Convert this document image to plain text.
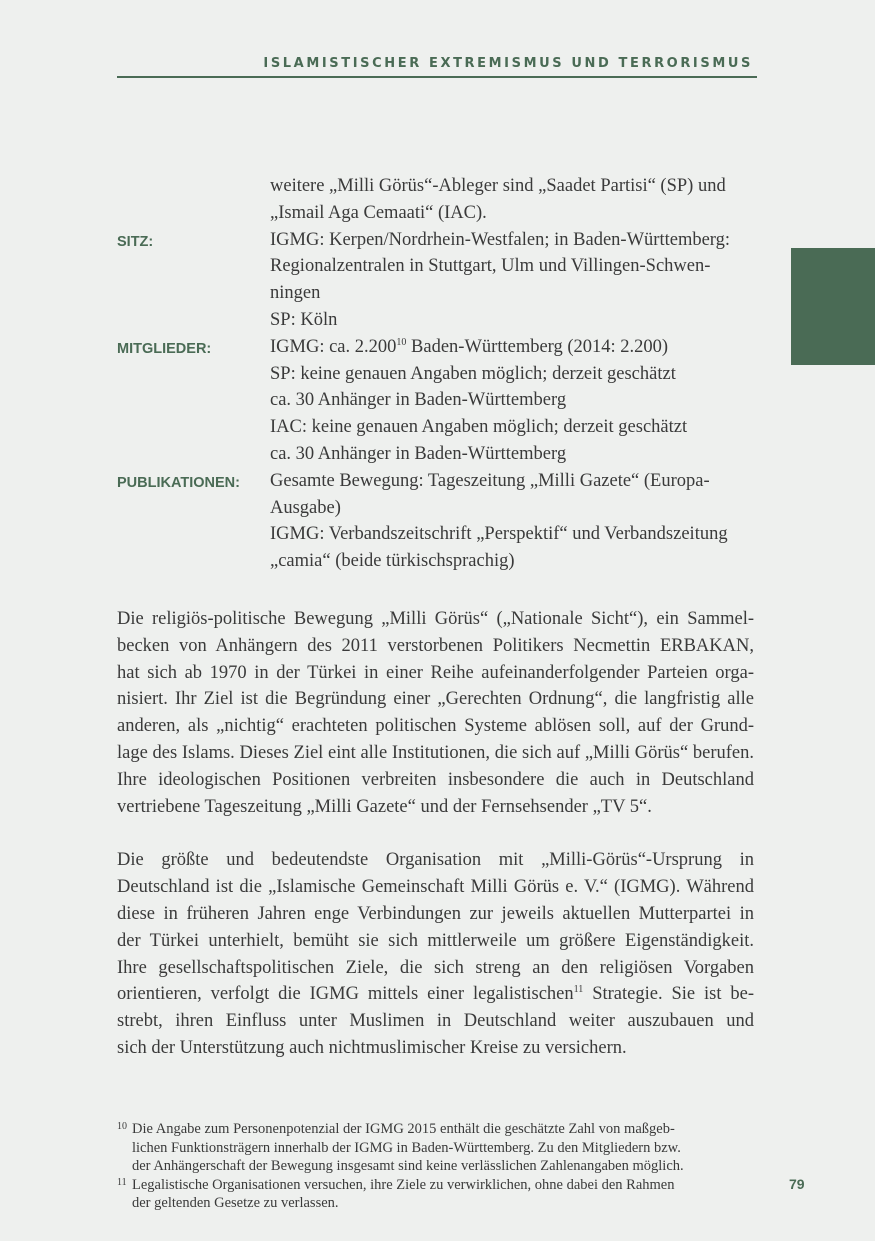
ISLAMISTISCHER EXTREMISMUS UND TERRORISMUS
weitere „Milli Görüs“-Ableger sind „Saadet Partisi“ (SP) und
„Ismail Aga Cemaati“ (IAC).
SITZ:	IGMG: Kerpen/Nordrhein-Westfalen; in Baden-Württemberg:
Regionalzentralen in Stuttgart, Ulm und Villingen-Schwen-
ningen
SP: Köln
MITGLIEDER:	IGMG: ca. 2.200$^{10}$ Baden-Württemberg (2014: 2.200)
SP: keine genauen Angaben möglich; derzeit geschätzt
ca. 30 Anhänger in Baden-Württemberg
IAC: keine genauen Angaben möglich; derzeit geschätzt
ca. 30 Anhänger in Baden-Württemberg
PUBLIKATIONEN:	Gesamte Bewegung: Tageszeitung „Milli Gazete“ (Europa-
Ausgabe)
IGMG: Verbandszeitschrift „Perspektif“ und Verbandszeitung
„camia“ (beide türkischsprachig)
Die religiös-politische Bewegung „Milli Görüs“ („Nationale Sicht“), ein Sammel-
becken von Anhängern des 2011 verstorbenen Politikers Necmettin ERBAKAN,
hat sich ab 1970 in der Türkei in einer Reihe aufeinanderfolgender Parteien orga-
nisiert. Ihr Ziel ist die Begründung einer „Gerechten Ordnung“, die langfristig alle
anderen, als „nichtig“ erachteten politischen Systeme ablösen soll, auf der Grund-
lage des Islams. Dieses Ziel eint alle Institutionen, die sich auf „Milli Görüs“ berufen.
Ihre ideologischen Positionen verbreiten insbesondere die auch in Deutschland
vertriebene Tageszeitung „Milli Gazete“ und der Fernsehsender „TV 5“.
Die größte und bedeutendste Organisation mit „Milli-Görüs“-Ursprung in
Deutschland ist die „Islamische Gemeinschaft Milli Görüs e. V.“ (IGMG). Während
diese in früheren Jahren enge Verbindungen zur jeweils aktuellen Mutterpartei in
der Türkei unterhielt, bemüht sie sich mittlerweile um größere Eigenständigkeit.
Ihre gesellschaftspolitischen Ziele, die sich streng an den religiösen Vorgaben
orientieren, verfolgt die IGMG mittels einer legalistischen$^{11}$ Strategie. Sie ist be-
strebt, ihren Einfluss unter Muslimen in Deutschland weiter auszubauen und
sich der Unterstützung auch nichtmuslimischer Kreise zu versichern.
10 Die Angabe zum Personenpotenzial der IGMG 2015 enthält die geschätzte Zahl von maßgeb-
lichen Funktionsträgern innerhalb der IGMG in Baden-Württemberg. Zu den Mitgliedern bzw.
der Anhängerschaft der Bewegung insgesamt sind keine verlässlichen Zahlenangaben möglich.
11 Legalistische Organisationen versuchen, ihre Ziele zu verwirklichen, ohne dabei den Rahmen
der geltenden Gesetze zu verlassen.
79
